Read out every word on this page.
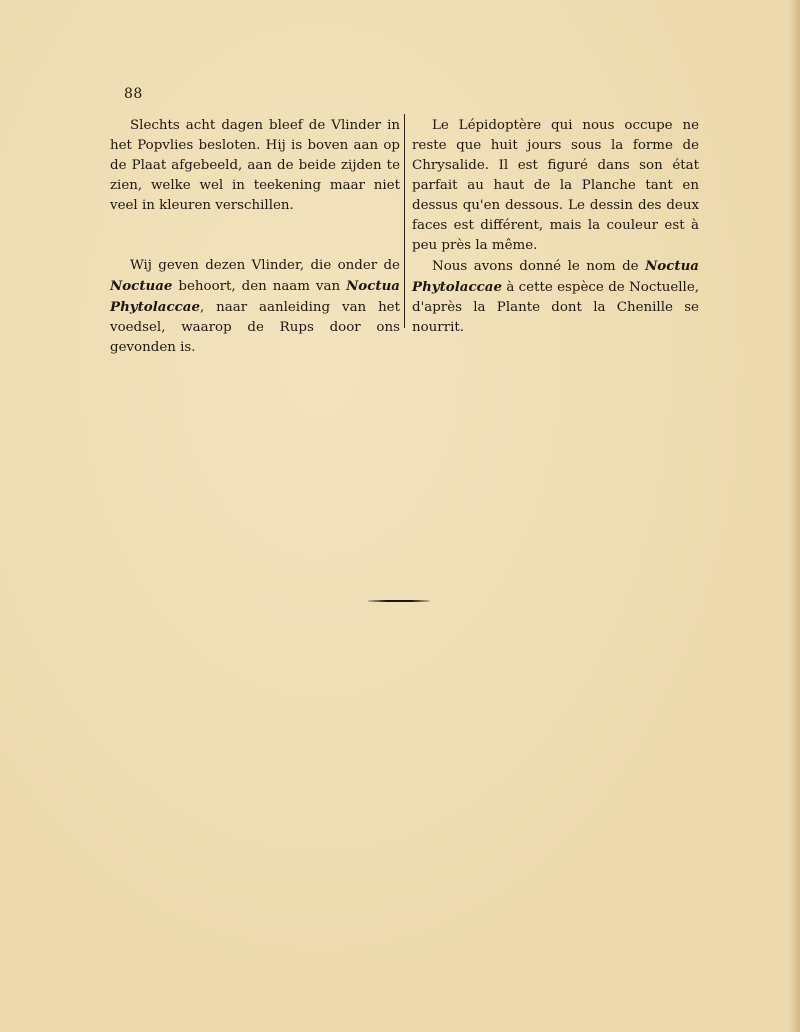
88

Slechts acht dagen bleef de Vlinder in het Popvlies besloten. Hij is boven aan op de Plaat afgebeeld, aan de beide zijden te zien, welke wel in teekening maar niet veel in kleuren verschillen.

Wij geven dezen Vlinder, die onder de Noctuae behoort, den naam van Noctua Phytolaccae, naar aanleiding van het voedsel, waarop de Rups door ons gevonden is.

Le Lépidoptère qui nous occupe ne reste que huit jours sous la forme de Chrysalide. Il est figuré dans son état parfait au haut de la Planche tant en dessus qu'en dessous. Le dessin des deux faces est différent, mais la couleur est à peu près la même.

Nous avons donné le nom de Noctua Phytolaccae à cette espèce de Noctuelle, d'après la Plante dont la Chenille se nourrit.
